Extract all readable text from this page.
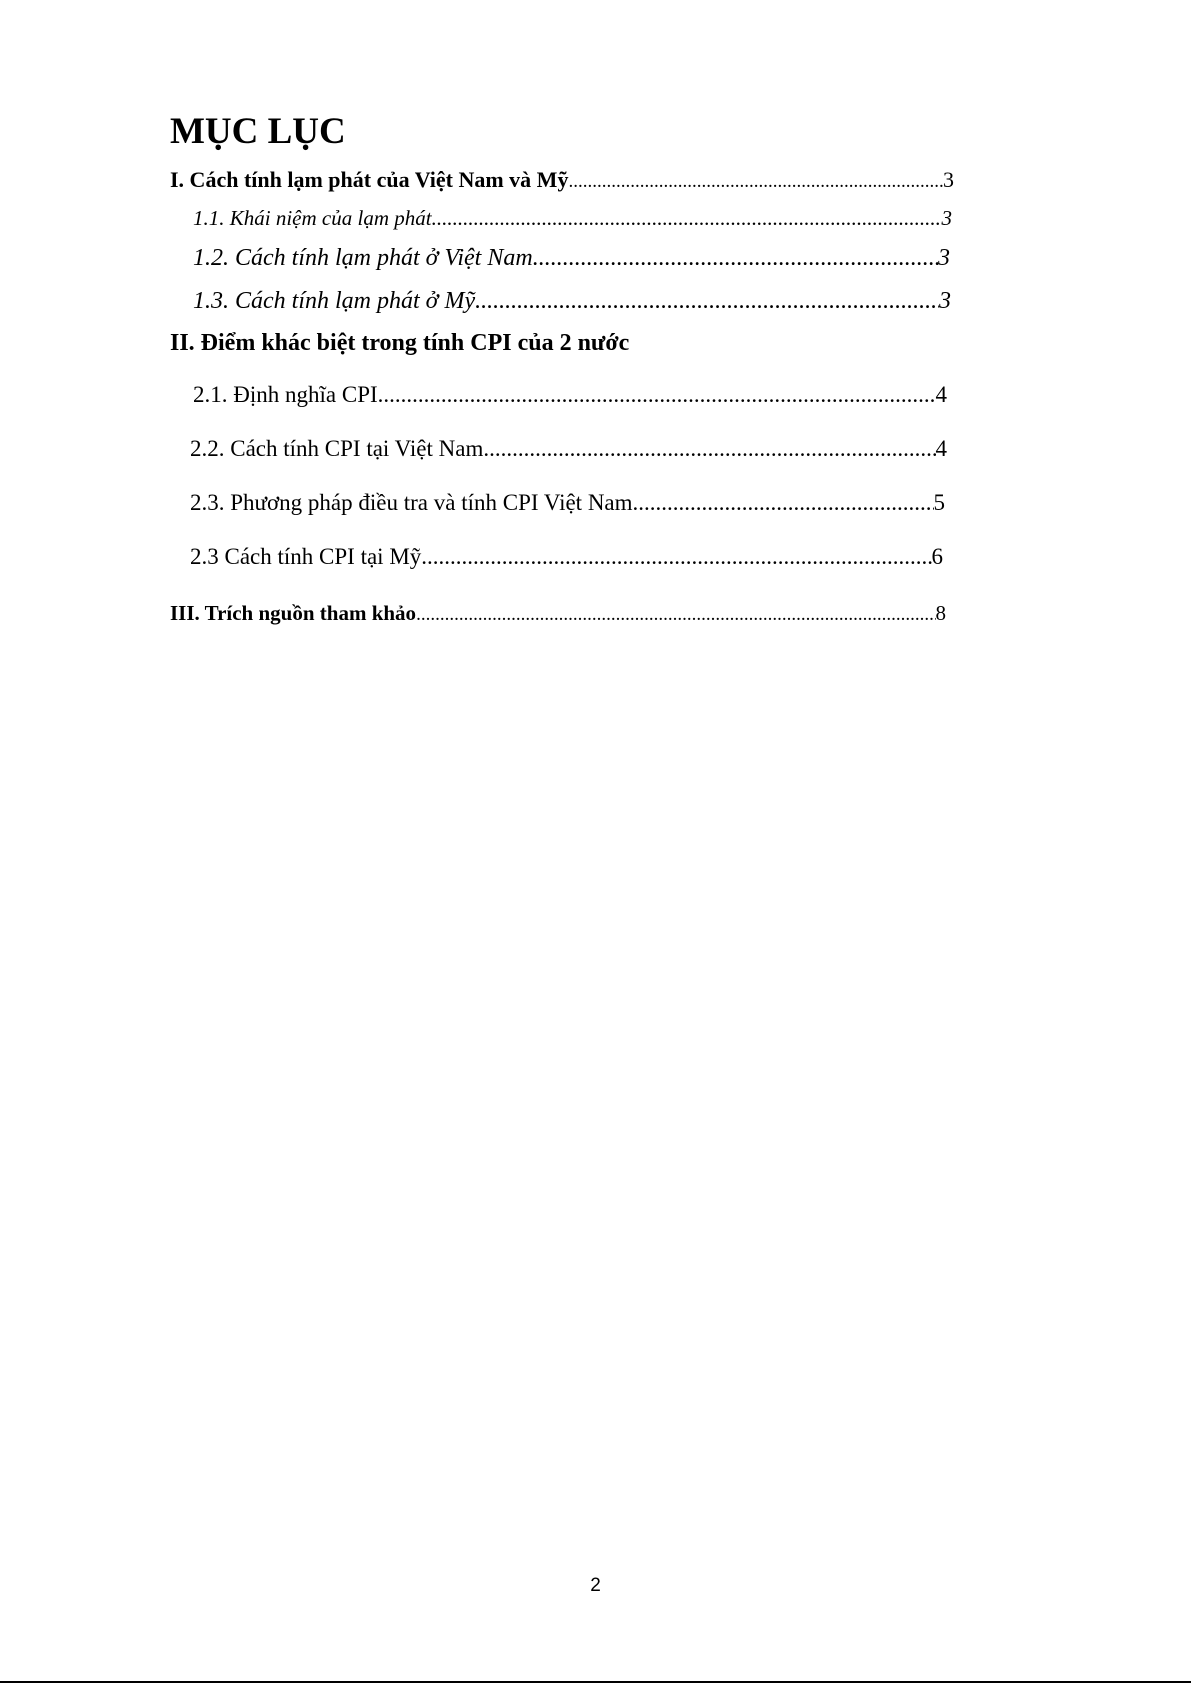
MỤC LỤC
I. Cách tính lạm phát của Việt Nam và Mỹ .....	3
1.1. Khái niệm của lạm phát .....	3
1.2. Cách tính lạm phát ở Việt Nam .....	3
1.3. Cách tính lạm phát ở Mỹ .....	3
II. Điểm khác biệt trong tính CPI của 2 nước
2.1. Định nghĩa CPI .....	4
2.2. Cách tính CPI tại Việt Nam .....	4
2.3. Phương pháp điều tra và tính CPI Việt Nam .....	5
2.3 Cách tính CPI tại Mỹ .....	6
III. Trích nguồn tham khảo .....	8
2
